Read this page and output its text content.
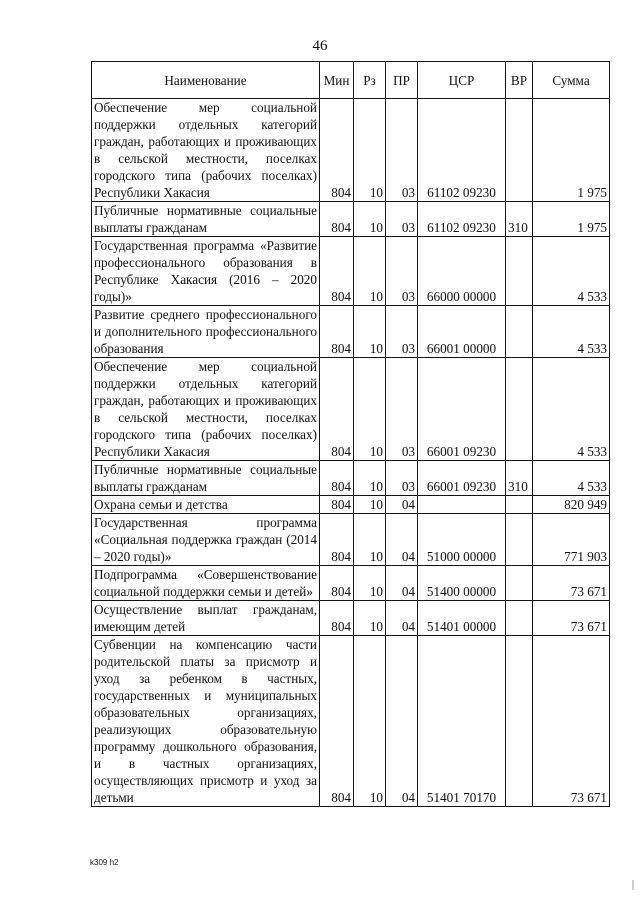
46
Наименование	Мин	Рз	ПР	ЦСР	ВР	Сумма
Обеспечение мер социальной поддержки отдельных категорий граждан, работающих и проживающих в сельской местности, поселках городского типа (рабочих поселках) Республики Хакасия	804	10	03	61102 09230		1 975
Публичные нормативные социальные выплаты гражданам	804	10	03	61102 09230	310	1 975
Государственная программа «Развитие профессионального образования в Республике Хакасия (2016 – 2020 годы)»	804	10	03	66000 00000		4 533
Развитие среднего профессионального и дополнительного профессионального образования	804	10	03	66001 00000		4 533
Обеспечение мер социальной поддержки отдельных категорий граждан, работающих и проживающих в сельской местности, поселках городского типа (рабочих поселках) Республики Хакасия	804	10	03	66001 09230		4 533
Публичные нормативные социальные выплаты гражданам	804	10	03	66001 09230	310	4 533
Охрана семьи и детства	804	10	04			820 949
Государственная программа «Социальная поддержка граждан (2014 – 2020 годы)»	804	10	04	51000 00000		771 903
Подпрограмма «Совершенствование социальной поддержки семьи и детей»	804	10	04	51400 00000		73 671
Осуществление выплат гражданам, имеющим детей	804	10	04	51401 00000		73 671
Субвенции на компенсацию части родительской платы за присмотр и уход за ребенком в частных, государственных и муниципальных образовательных организациях, реализующих образовательную программу дошкольного образования, и в частных организациях, осуществляющих присмотр и уход за детьми	804	10	04	51401 70170		73 671
k309 h2
